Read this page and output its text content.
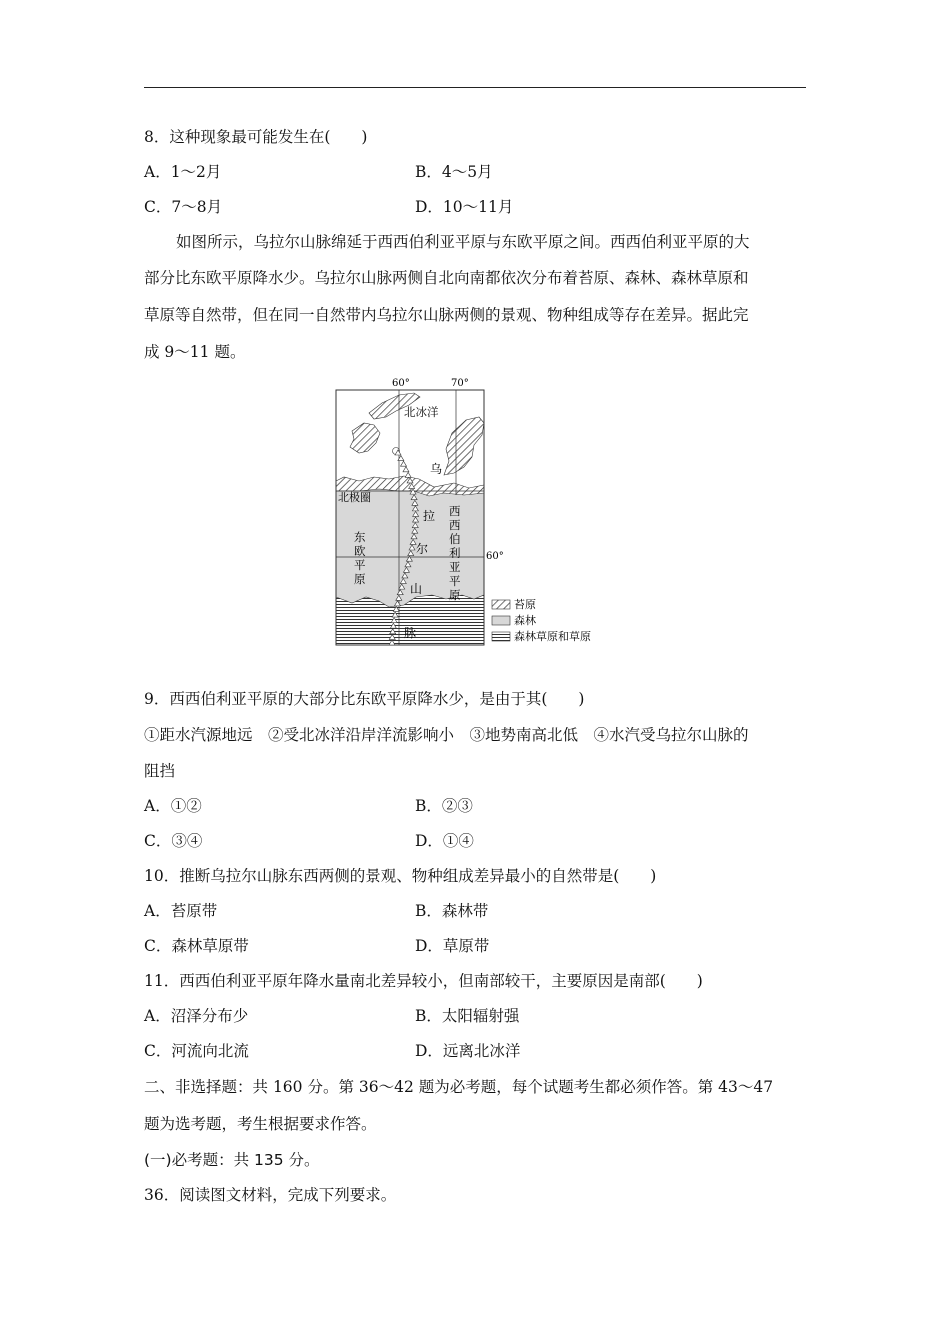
8．这种现象最可能发生在(　　)
A．1～2月	B．4～5月
C．7～8月	D．10～11月
如图所示，乌拉尔山脉绵延于西西伯利亚平原与东欧平原之间。西西伯利亚平原的大
部分比东欧平原降水少。乌拉尔山脉两侧自北向南都依次分布着苔原、森林、森林草原和
草原等自然带，但在同一自然带内乌拉尔山脉两侧的景观、物种组成等存在差异。据此完
成 9～11 题。
60°	70°
60°
北冰洋
北极圈
东
欧
平
原
西
西
伯
利
亚
平
原
乌
拉
尔
山
脉
苔原
森林
森林草原和草原
9．西西伯利亚平原的大部分比东欧平原降水少，是由于其(　　)
①距水汽源地远　②受北冰洋沿岸洋流影响小　③地势南高北低　④水汽受乌拉尔山脉的
阻挡
A．①②	B．②③
C．③④	D．①④
10．推断乌拉尔山脉东西两侧的景观、物种组成差异最小的自然带是(　　)
A．苔原带	B．森林带
C．森林草原带	D．草原带
11．西西伯利亚平原年降水量南北差异较小，但南部较干，主要原因是南部(　　)
A．沼泽分布少	B．太阳辐射强
C．河流向北流	D．远离北冰洋
二、非选择题：共 160 分。第 36～42 题为必考题，每个试题考生都必须作答。第 43～47
题为选考题，考生根据要求作答。
(一)必考题：共 135 分。
36．阅读图文材料，完成下列要求。
